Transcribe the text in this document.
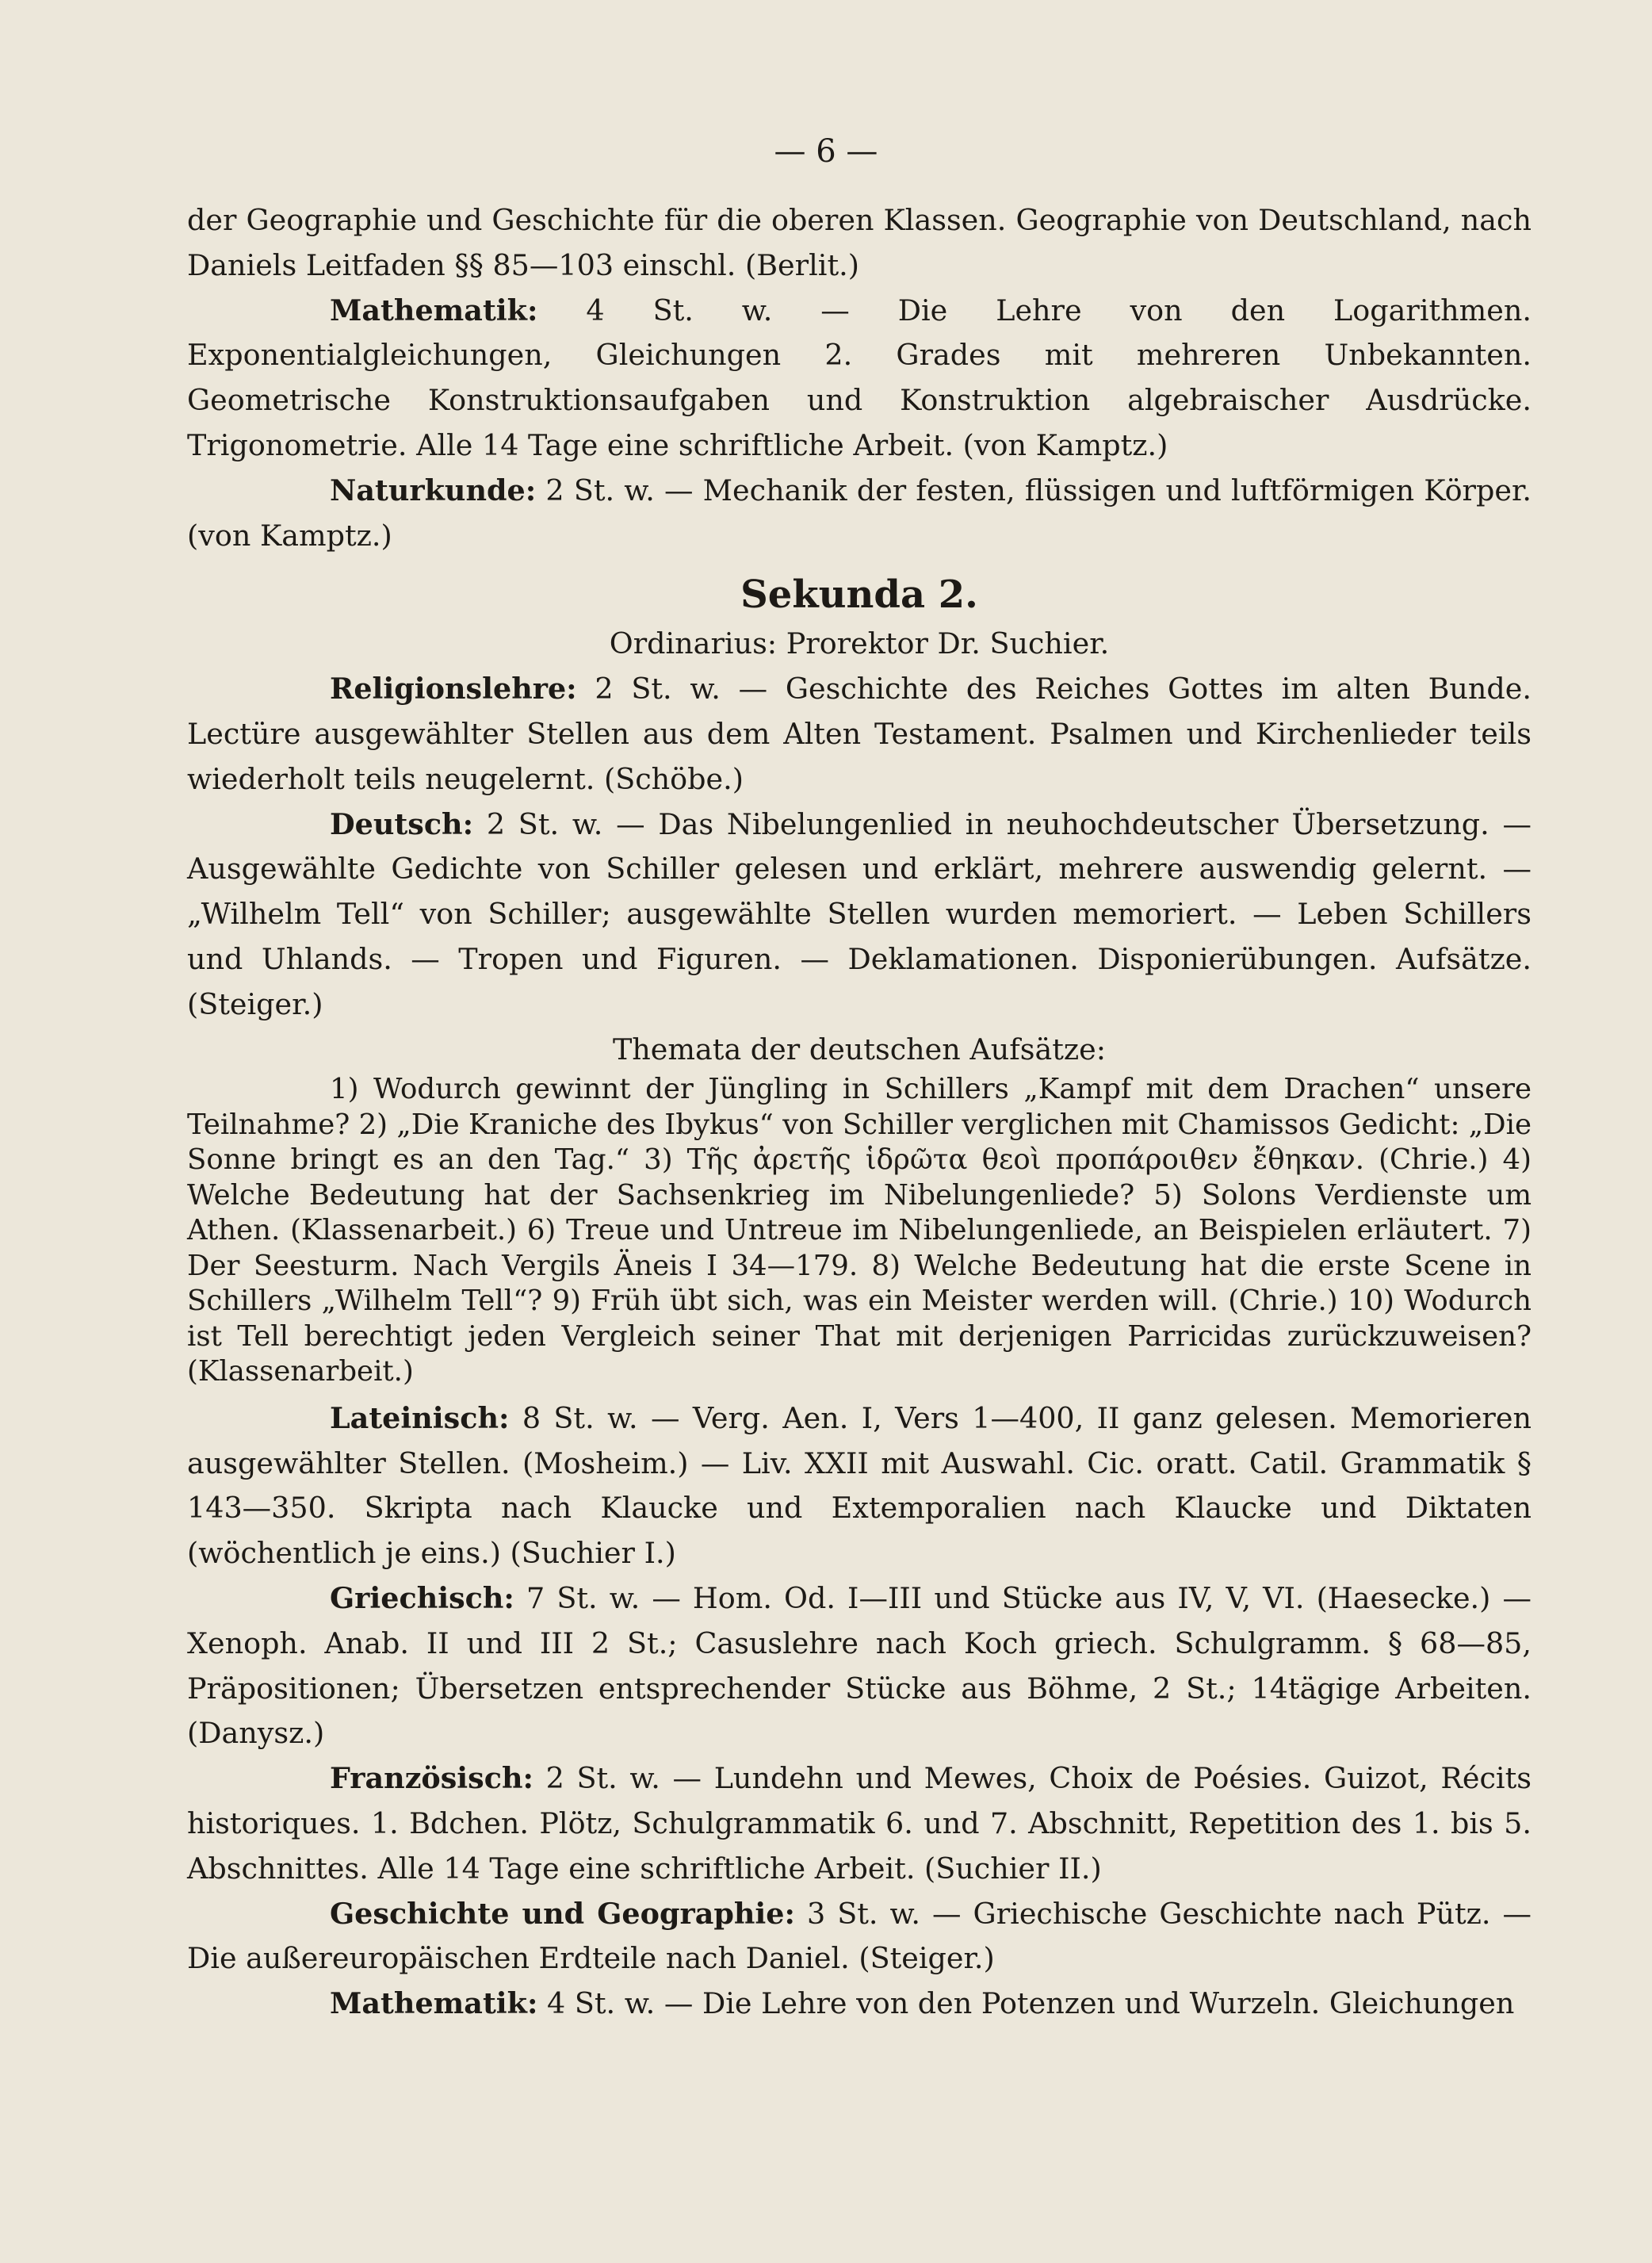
— 6 —

der Geographie und Geschichte für die oberen Klassen. Geographie von Deutschland, nach Daniels Leitfaden §§ 85—103 einschl. (Berlit.)

Mathematik: 4 St. w. — Die Lehre von den Logarithmen. Exponentialgleichungen, Gleichungen 2. Grades mit mehreren Unbekannten. Geometrische Konstruktionsaufgaben und Konstruktion algebraischer Ausdrücke. Trigonometrie. Alle 14 Tage eine schriftliche Arbeit. (von Kamptz.)

Naturkunde: 2 St. w. — Mechanik der festen, flüssigen und luftförmigen Körper. (von Kamptz.)

Sekunda 2.

Ordinarius: Prorektor Dr. Suchier.

Religionslehre: 2 St. w. — Geschichte des Reiches Gottes im alten Bunde. Lectüre ausgewählter Stellen aus dem Alten Testament. Psalmen und Kirchenlieder teils wiederholt teils neugelernt. (Schöbe.)

Deutsch: 2 St. w. — Das Nibelungenlied in neuhochdeutscher Übersetzung. — Ausgewählte Gedichte von Schiller gelesen und erklärt, mehrere auswendig gelernt. — „Wilhelm Tell“ von Schiller; ausgewählte Stellen wurden memoriert. — Leben Schillers und Uhlands. — Tropen und Figuren. — Deklamationen. Disponierübungen. Aufsätze. (Steiger.)

Themata der deutschen Aufsätze:

1) Wodurch gewinnt der Jüngling in Schillers „Kampf mit dem Drachen“ unsere Teilnahme? 2) „Die Kraniche des Ibykus“ von Schiller verglichen mit Chamissos Gedicht: „Die Sonne bringt es an den Tag.“ 3) Τῆς ἀρετῆς ἱδρῶτα θεοὶ προπάροιθεν ἔθηκαν. (Chrie.) 4) Welche Bedeutung hat der Sachsenkrieg im Nibelungenliede? 5) Solons Verdienste um Athen. (Klassenarbeit.) 6) Treue und Untreue im Nibelungenliede, an Beispielen erläutert. 7) Der Seesturm. Nach Vergils Äneis I 34—179. 8) Welche Bedeutung hat die erste Scene in Schillers „Wilhelm Tell“? 9) Früh übt sich, was ein Meister werden will. (Chrie.) 10) Wodurch ist Tell berechtigt jeden Vergleich seiner That mit derjenigen Parricidas zurückzuweisen? (Klassenarbeit.)

Lateinisch: 8 St. w. — Verg. Aen. I, Vers 1—400, II ganz gelesen. Memorieren ausgewählter Stellen. (Mosheim.) — Liv. XXII mit Auswahl. Cic. oratt. Catil. Grammatik § 143—350. Skripta nach Klaucke und Extemporalien nach Klaucke und Diktaten (wöchentlich je eins.) (Suchier I.)

Griechisch: 7 St. w. — Hom. Od. I—III und Stücke aus IV, V, VI. (Haesecke.) — Xenoph. Anab. II und III 2 St.; Casuslehre nach Koch griech. Schulgramm. § 68—85, Präpositionen; Übersetzen entsprechender Stücke aus Böhme, 2 St.; 14tägige Arbeiten. (Danysz.)

Französisch: 2 St. w. — Lundehn und Mewes, Choix de Poésies. Guizot, Récits historiques. 1. Bdchen. Plötz, Schulgrammatik 6. und 7. Abschnitt, Repetition des 1. bis 5. Abschnittes. Alle 14 Tage eine schriftliche Arbeit. (Suchier II.)

Geschichte und Geographie: 3 St. w. — Griechische Geschichte nach Pütz. — Die außereuropäischen Erdteile nach Daniel. (Steiger.)

Mathematik: 4 St. w. — Die Lehre von den Potenzen und Wurzeln. Gleichungen
